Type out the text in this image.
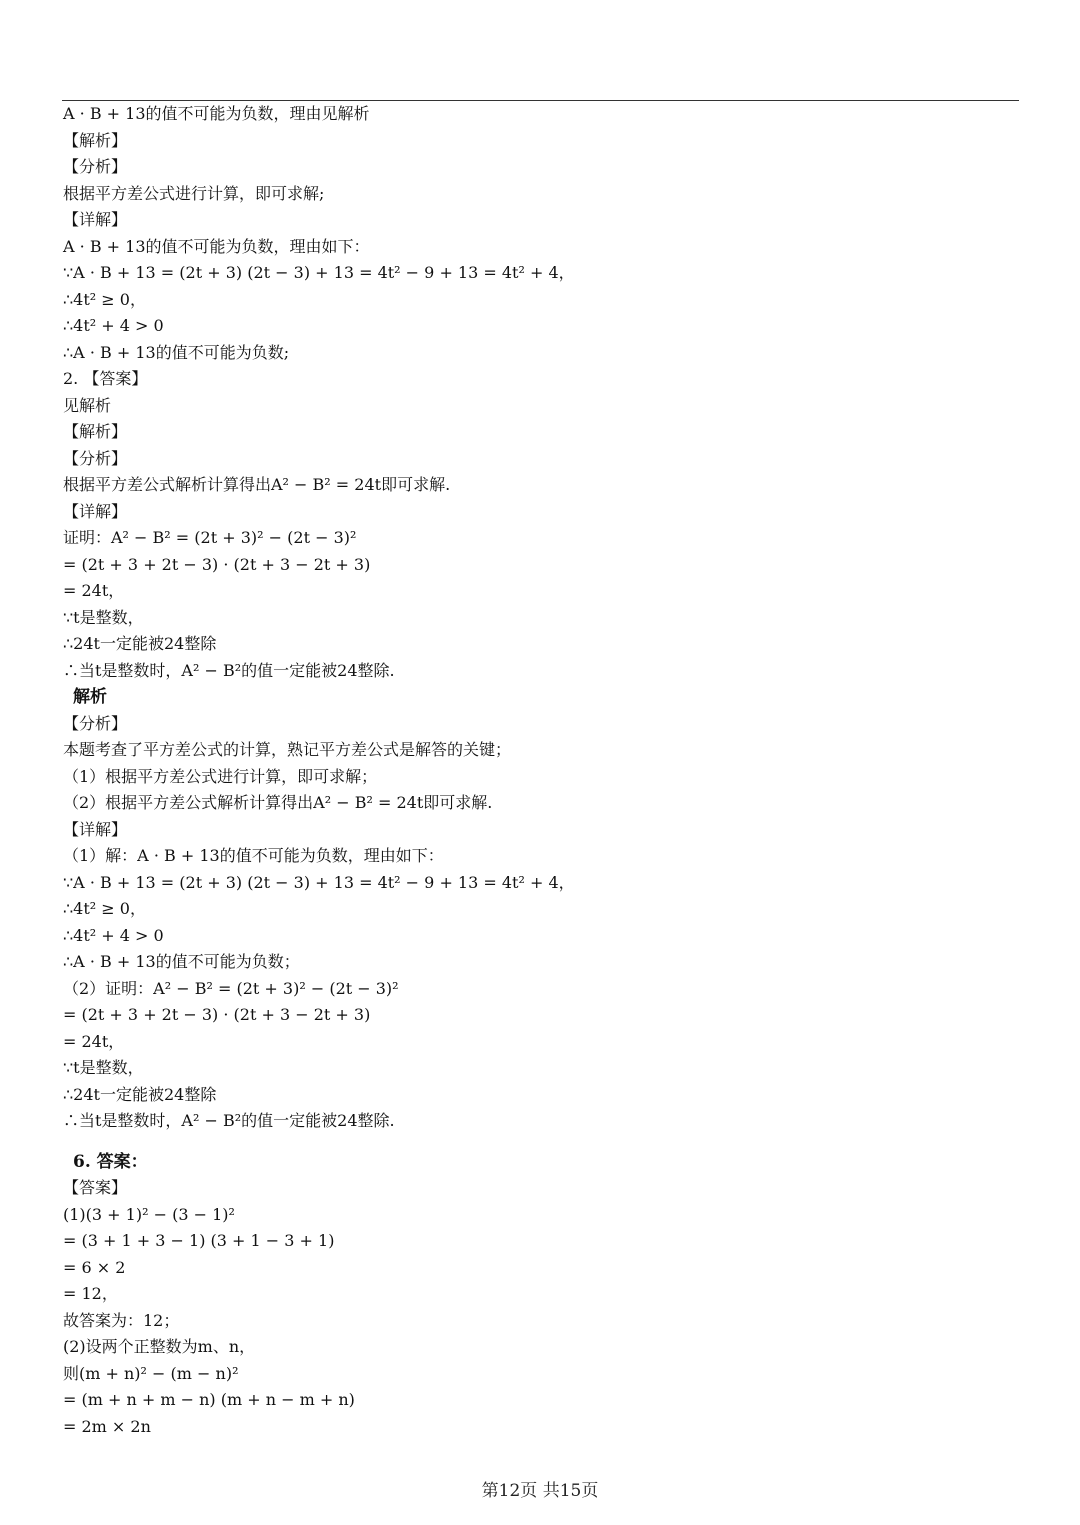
A · B + 13的值不可能为负数，理由见解析
【解析】
【分析】
根据平方差公式进行计算，即可求解;
【详解】
A · B + 13的值不可能为负数，理由如下：
∵A · B + 13 = (2t + 3) (2t − 3) + 13 = 4t² − 9 + 13 = 4t² + 4，
∴4t² ≥ 0，
∴4t² + 4 > 0
∴A · B + 13的值不可能为负数;
2. 【答案】
见解析
【解析】
【分析】
根据平方差公式解析计算得出A² − B² = 24t即可求解.
【详解】
证明：A² − B² = (2t + 3)² − (2t − 3)²
= (2t + 3 + 2t − 3) · (2t + 3 − 2t + 3)
= 24t，
∵t是整数，
∴24t一定能被24整除
∴当t是整数时，A² − B²的值一定能被24整除.
解析
【分析】
本题考查了平方差公式的计算，熟记平方差公式是解答的关键；
（1）根据平方差公式进行计算，即可求解；
（2）根据平方差公式解析计算得出A² − B² = 24t即可求解.
【详解】
（1）解：A · B + 13的值不可能为负数，理由如下：
∵A · B + 13 = (2t + 3) (2t − 3) + 13 = 4t² − 9 + 13 = 4t² + 4，
∴4t² ≥ 0，
∴4t² + 4 > 0
∴A · B + 13的值不可能为负数；
（2）证明：A² − B² = (2t + 3)² − (2t − 3)²
= (2t + 3 + 2t − 3) · (2t + 3 − 2t + 3)
= 24t，
∵t是整数，
∴24t一定能被24整除
∴当t是整数时，A² − B²的值一定能被24整除.
6. 答案：
【答案】
(1)(3 + 1)² − (3 − 1)²
= (3 + 1 + 3 − 1) (3 + 1 − 3 + 1)
= 6 × 2
= 12，
故答案为：12；
(2)设两个正整数为m、n，
则(m + n)² − (m − n)²
= (m + n + m − n) (m + n − m + n)
= 2m × 2n
第12页 共15页
